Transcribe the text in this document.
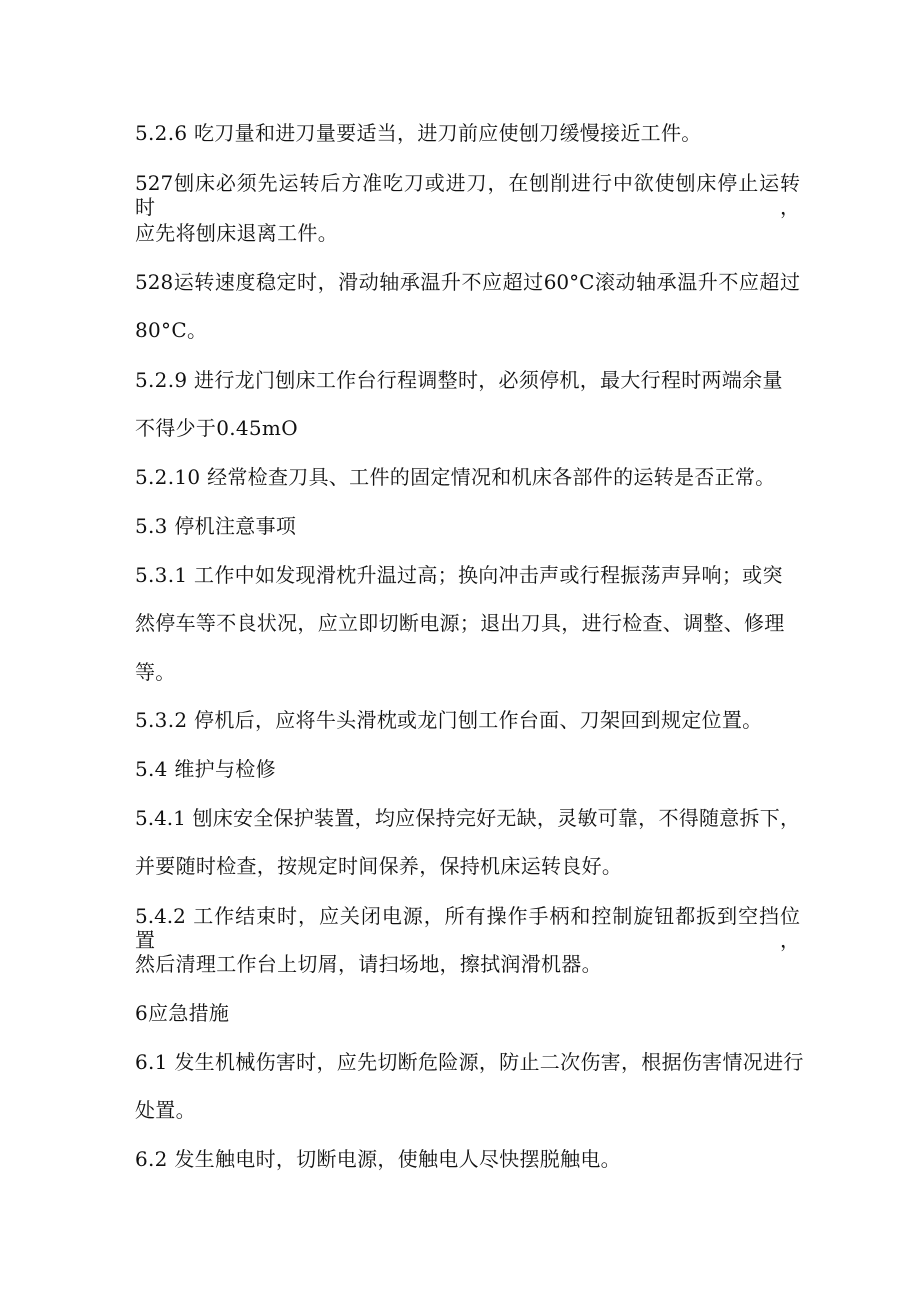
5.2.6 吃刀量和进刀量要适当，进刀前应使刨刀缓慢接近工件。

527刨床必须先运转后方准吃刀或进刀，在刨削进行中欲使刨床停止运转时，

应先将刨床退离工件。

528运转速度稳定时，滑动轴承温升不应超过60°C滚动轴承温升不应超过

80°C。

5.2.9 进行龙门刨床工作台行程调整时，必须停机，最大行程时两端余量

不得少于0.45mO

5.2.10 经常检查刀具、工件的固定情况和机床各部件的运转是否正常。

5.3 停机注意事项

5.3.1 工作中如发现滑枕升温过高；换向冲击声或行程振荡声异响；或突

然停车等不良状况，应立即切断电源；退出刀具，进行检查、调整、修理

等。

5.3.2 停机后，应将牛头滑枕或龙门刨工作台面、刀架回到规定位置。

5.4 维护与检修

5.4.1 刨床安全保护装置，均应保持完好无缺，灵敏可靠，不得随意拆下，

并要随时检查，按规定时间保养，保持机床运转良好。

5.4.2 工作结束时，应关闭电源，所有操作手柄和控制旋钮都扳到空挡位置，

然后清理工作台上切屑，请扫场地，擦拭润滑机器。

6应急措施

6.1 发生机械伤害时，应先切断危险源，防止二次伤害，根据伤害情况进行

处置。

6.2 发生触电时，切断电源，使触电人尽快摆脱触电。
